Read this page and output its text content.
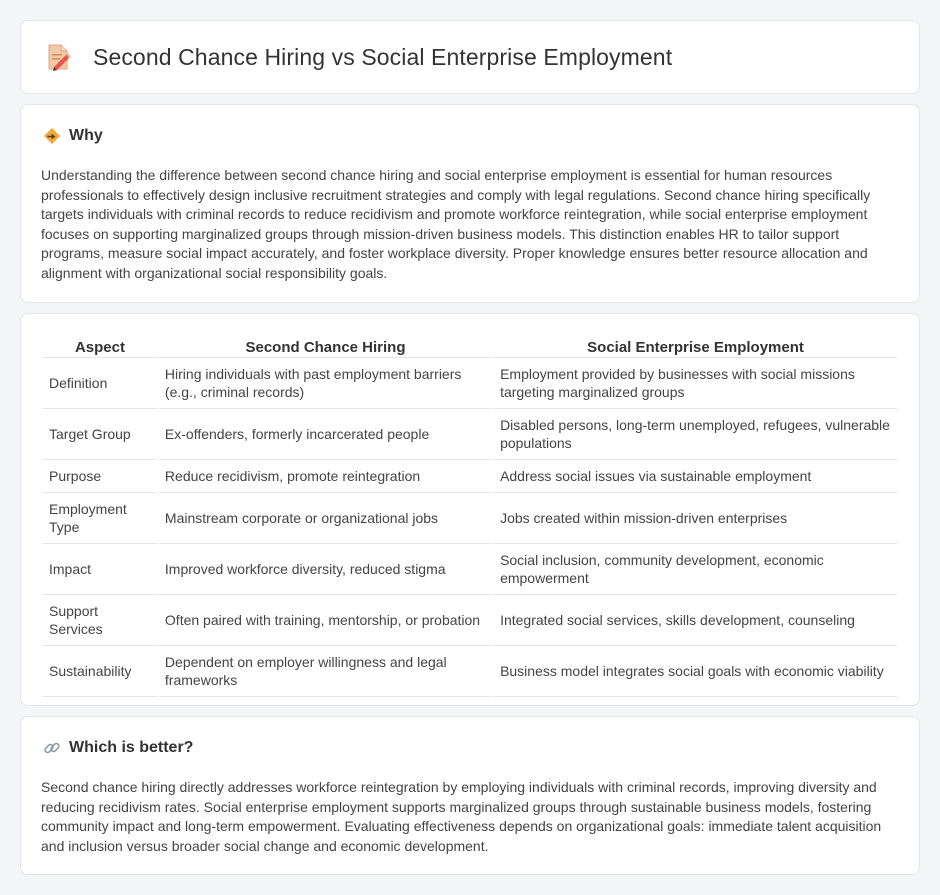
Second Chance Hiring vs Social Enterprise Employment
Why

Understanding the difference between second chance hiring and social enterprise employment is essential for human resources professionals to effectively design inclusive recruitment strategies and comply with legal regulations. Second chance hiring specifically targets individuals with criminal records to reduce recidivism and promote workforce reintegration, while social enterprise employment focuses on supporting marginalized groups through mission-driven business models. This distinction enables HR to tailor support programs, measure social impact accurately, and foster workplace diversity. Proper knowledge ensures better resource allocation and alignment with organizational social responsibility goals.

Aspect	Second Chance Hiring	Social Enterprise Employment
Definition	Hiring individuals with past employment barriers (e.g., criminal records)	Employment provided by businesses with social missions targeting marginalized groups
Target Group	Ex-offenders, formerly incarcerated people	Disabled persons, long-term unemployed, refugees, vulnerable populations
Purpose	Reduce recidivism, promote reintegration	Address social issues via sustainable employment
Employment Type	Mainstream corporate or organizational jobs	Jobs created within mission-driven enterprises
Impact	Improved workforce diversity, reduced stigma	Social inclusion, community development, economic empowerment
Support Services	Often paired with training, mentorship, or probation	Integrated social services, skills development, counseling
Sustainability	Dependent on employer willingness and legal frameworks	Business model integrates social goals with economic viability
Which is better?

Second chance hiring directly addresses workforce reintegration by employing individuals with criminal records, improving diversity and reducing recidivism rates. Social enterprise employment supports marginalized groups through sustainable business models, fostering community impact and long-term empowerment. Evaluating effectiveness depends on organizational goals: immediate talent acquisition and inclusion versus broader social change and economic development.
